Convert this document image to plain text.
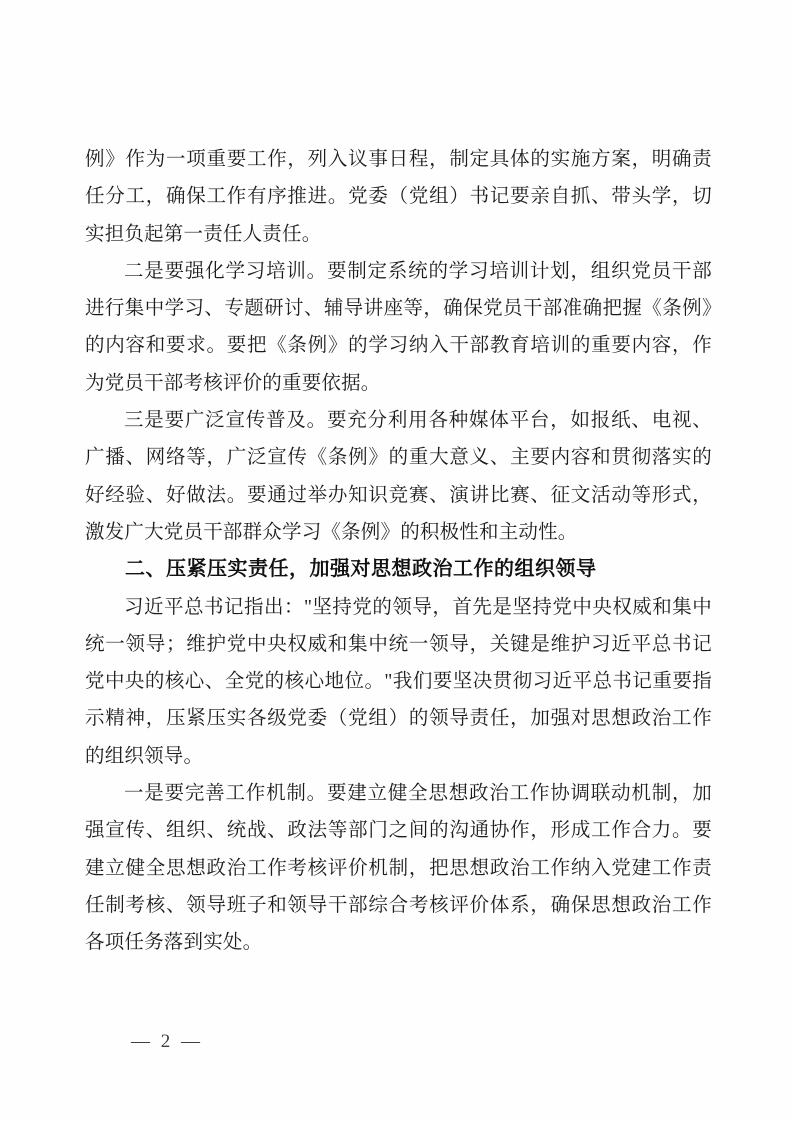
例》作为一项重要工作，列入议事日程，制定具体的实施方案，明确责任分工，确保工作有序推进。党委（党组）书记要亲自抓、带头学，切实担负起第一责任人责任。

二是要强化学习培训。要制定系统的学习培训计划，组织党员干部进行集中学习、专题研讨、辅导讲座等，确保党员干部准确把握《条例》的内容和要求。要把《条例》的学习纳入干部教育培训的重要内容，作为党员干部考核评价的重要依据。

三是要广泛宣传普及。要充分利用各种媒体平台，如报纸、电视、广播、网络等，广泛宣传《条例》的重大意义、主要内容和贯彻落实的好经验、好做法。要通过举办知识竞赛、演讲比赛、征文活动等形式，激发广大党员干部群众学习《条例》的积极性和主动性。

二、压紧压实责任，加强对思想政治工作的组织领导

习近平总书记指出："坚持党的领导，首先是坚持党中央权威和集中统一领导；维护党中央权威和集中统一领导，关键是维护习近平总书记党中央的核心、全党的核心地位。"我们要坚决贯彻习近平总书记重要指示精神，压紧压实各级党委（党组）的领导责任，加强对思想政治工作的组织领导。

一是要完善工作机制。要建立健全思想政治工作协调联动机制，加强宣传、组织、统战、政法等部门之间的沟通协作，形成工作合力。要建立健全思想政治工作考核评价机制，把思想政治工作纳入党建工作责任制考核、领导班子和领导干部综合考核评价体系，确保思想政治工作各项任务落到实处。

— 2 —
